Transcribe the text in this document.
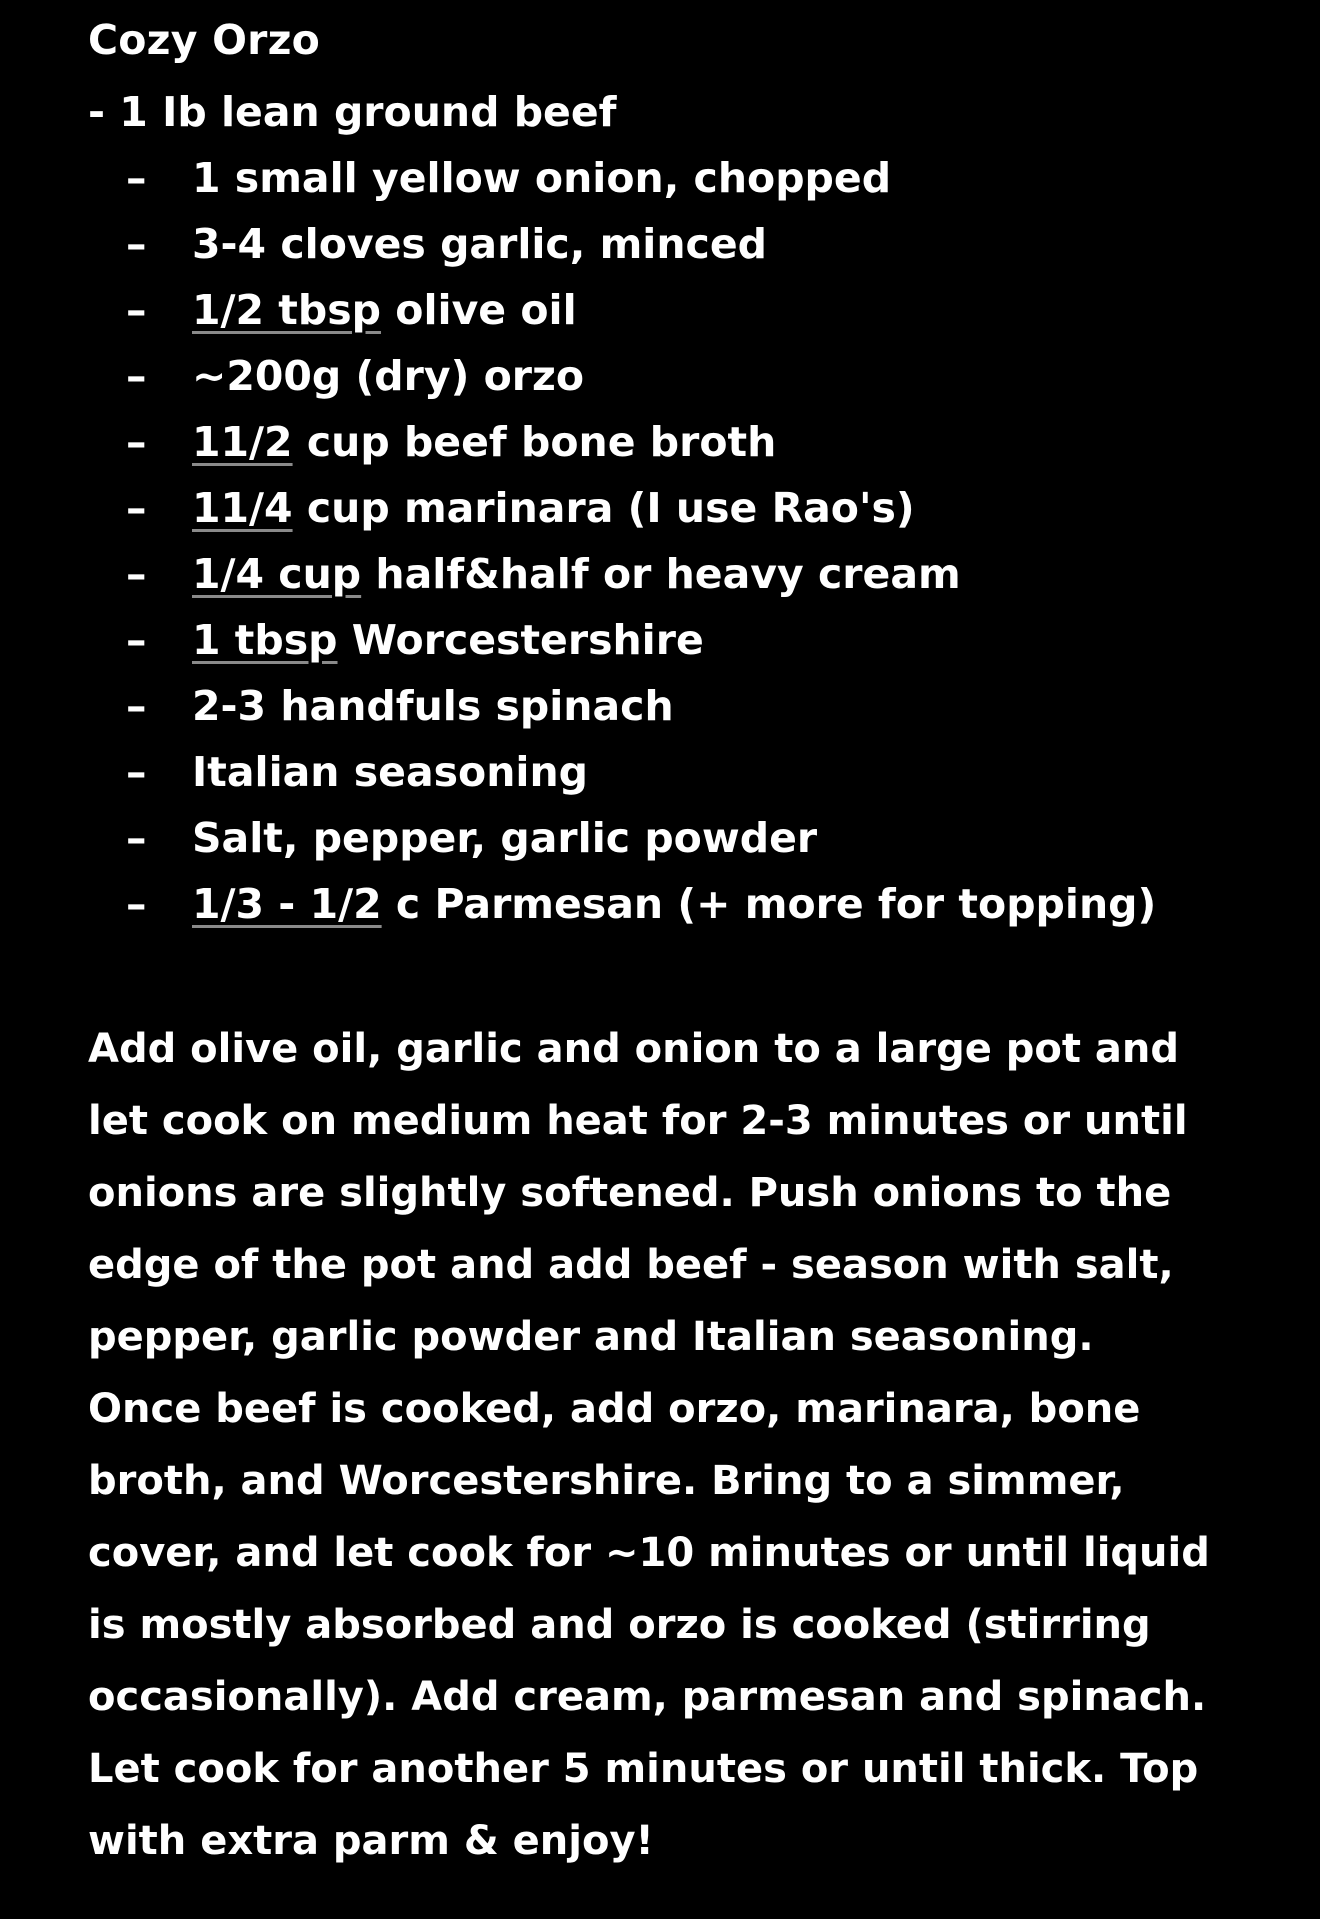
Cozy Orzo
- 1 Ib lean ground beef
– 1 small yellow onion, chopped
– 3-4 cloves garlic, minced
– 1/2 tbsp olive oil
– ~200g (dry) orzo
– 11/2 cup beef bone broth
– 11/4 cup marinara (I use Rao's)
– 1/4 cup half&half or heavy cream
– 1 tbsp Worcestershire
– 2-3 handfuls spinach
– Italian seasoning
– Salt, pepper, garlic powder
– 1/3 - 1/2 c Parmesan (+ more for topping)

Add olive oil, garlic and onion to a large pot and let cook on medium heat for 2-3 minutes or until onions are slightly softened. Push onions to the edge of the pot and add beef - season with salt, pepper, garlic powder and Italian seasoning.

Once beef is cooked, add orzo, marinara, bone broth, and Worcestershire. Bring to a simmer, cover, and let cook for ~10 minutes or until liquid is mostly absorbed and orzo is cooked (stirring occasionally). Add cream, parmesan and spinach. Let cook for another 5 minutes or until thick. Top with extra parm & enjoy!
